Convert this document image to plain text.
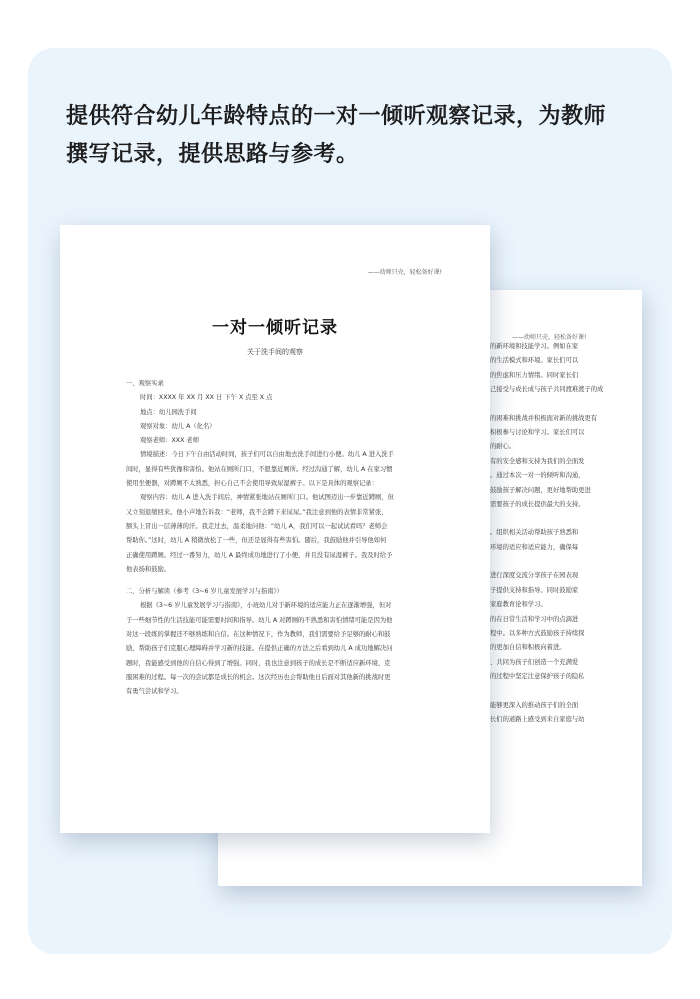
提供符合幼儿年龄特点的一对一倾听观察记录，为教师
撰写记录，提供思路与参考。
——幼师只壳，轻松备好课!

的新环境和技能学习。例如在家

的生活模式和环境。家长们可以

的焦虑和压力情绪。同时家长们

己接受与成长成与孩子共同渡难渡子的成

的困难和挑战并积极面对新的挑战更有

积极参与讨论和学习。家长们可以

的耐心。

有的安全感和支持为我们的全面发

。通过本次一对一的倾听和沟通，

鼓励孩子解决问题，更好地帮助更进

需要孩子的成长提供最大的支持。

。组织相关活动帮助孩子熟悉和

环境的适应和适应能力，确保每

进行深度交流分享孩子在园表现

子提供支持和指导。同时鼓励家

家庭教育论和学习。

的在日常生活和学习中的点滴进

程中。以多种方式鼓励孩子持续探

的更加自信和积极向着进。

、共同为孩子们创造一个充满爱

的过程中坚定注意保护孩子的隐私

能够更深入的推动孩子们的全面

长们的道路上感受到来自家庭与幼

——幼师只壳，轻松备好课!
一对一倾听记录
关于洗手间的观察

一、观察实录

时间：XXXX 年 XX 月 XX 日 下午 X 点至 X 点

地点：幼儿园洗手间

观察对象：幼儿 A（化名）

观察老师：XXX 老师

情境描述：今日下午自由活动时间，孩子们可以自由地去洗手间进行小便。幼儿 A 进入洗手

间时，显得有些犹豫和害怕。他站在厕所门口，不愿靠近厕所。经过沟通了解，幼儿 A 在家习惯

使用坐便器，对蹲厕不太熟悉，担心自己不会使用导致尿湿裤子。以下是具体的观察记录：

观察内容：幼儿 A 进入洗手间后，神情紧张地站在厕所门口。他试图迈出一步靠近蹲厕，但

又立刻退缩回来。他小声地告诉我：“老师，我不会蹲下来尿尿。”我注意到他的表情非常紧张，

额头上冒出一层薄薄的汗。我走过去，温柔地问他：“幼儿 A，我们可以一起试试看吗？老师会

帮助你。”这时，幼儿 A 稍微放松了一些，但还是显得有些害怕。随后，我鼓励他并引导他如何

正确使用蹲厕。经过一番努力，幼儿 A 最终成功地进行了小便，并且没有尿湿裤子。我及时给予

他表扬和鼓励。

二、分析与解读（参考《3~6 岁儿童发展学习与指南》）

根据《3~6 岁儿童发展学习与指南》，小班幼儿对于新环境的适应能力正在逐渐增强，但对

于一些细节性的生活技能可能需要时间和指导。幼儿 A 对蹲厕的不熟悉和害怕情绪可能是因为他

对这一段练的掌握还不够熟练和自信。在这种情况下，作为教师，我们需要给予足够的耐心和鼓

励，帮助孩子们克服心理障碍并学习新的技能。在提供正确的方法之后看到幼儿 A 成功地解决问

题时，我能感受到他的自信心得到了增强。同时，我也注意到孩子的成长是不断适应新环境、克

服困难的过程。每一次的尝试都是成长的机会。这次经历也会帮助他日后面对其他新的挑战时更

有勇气尝试和学习。
